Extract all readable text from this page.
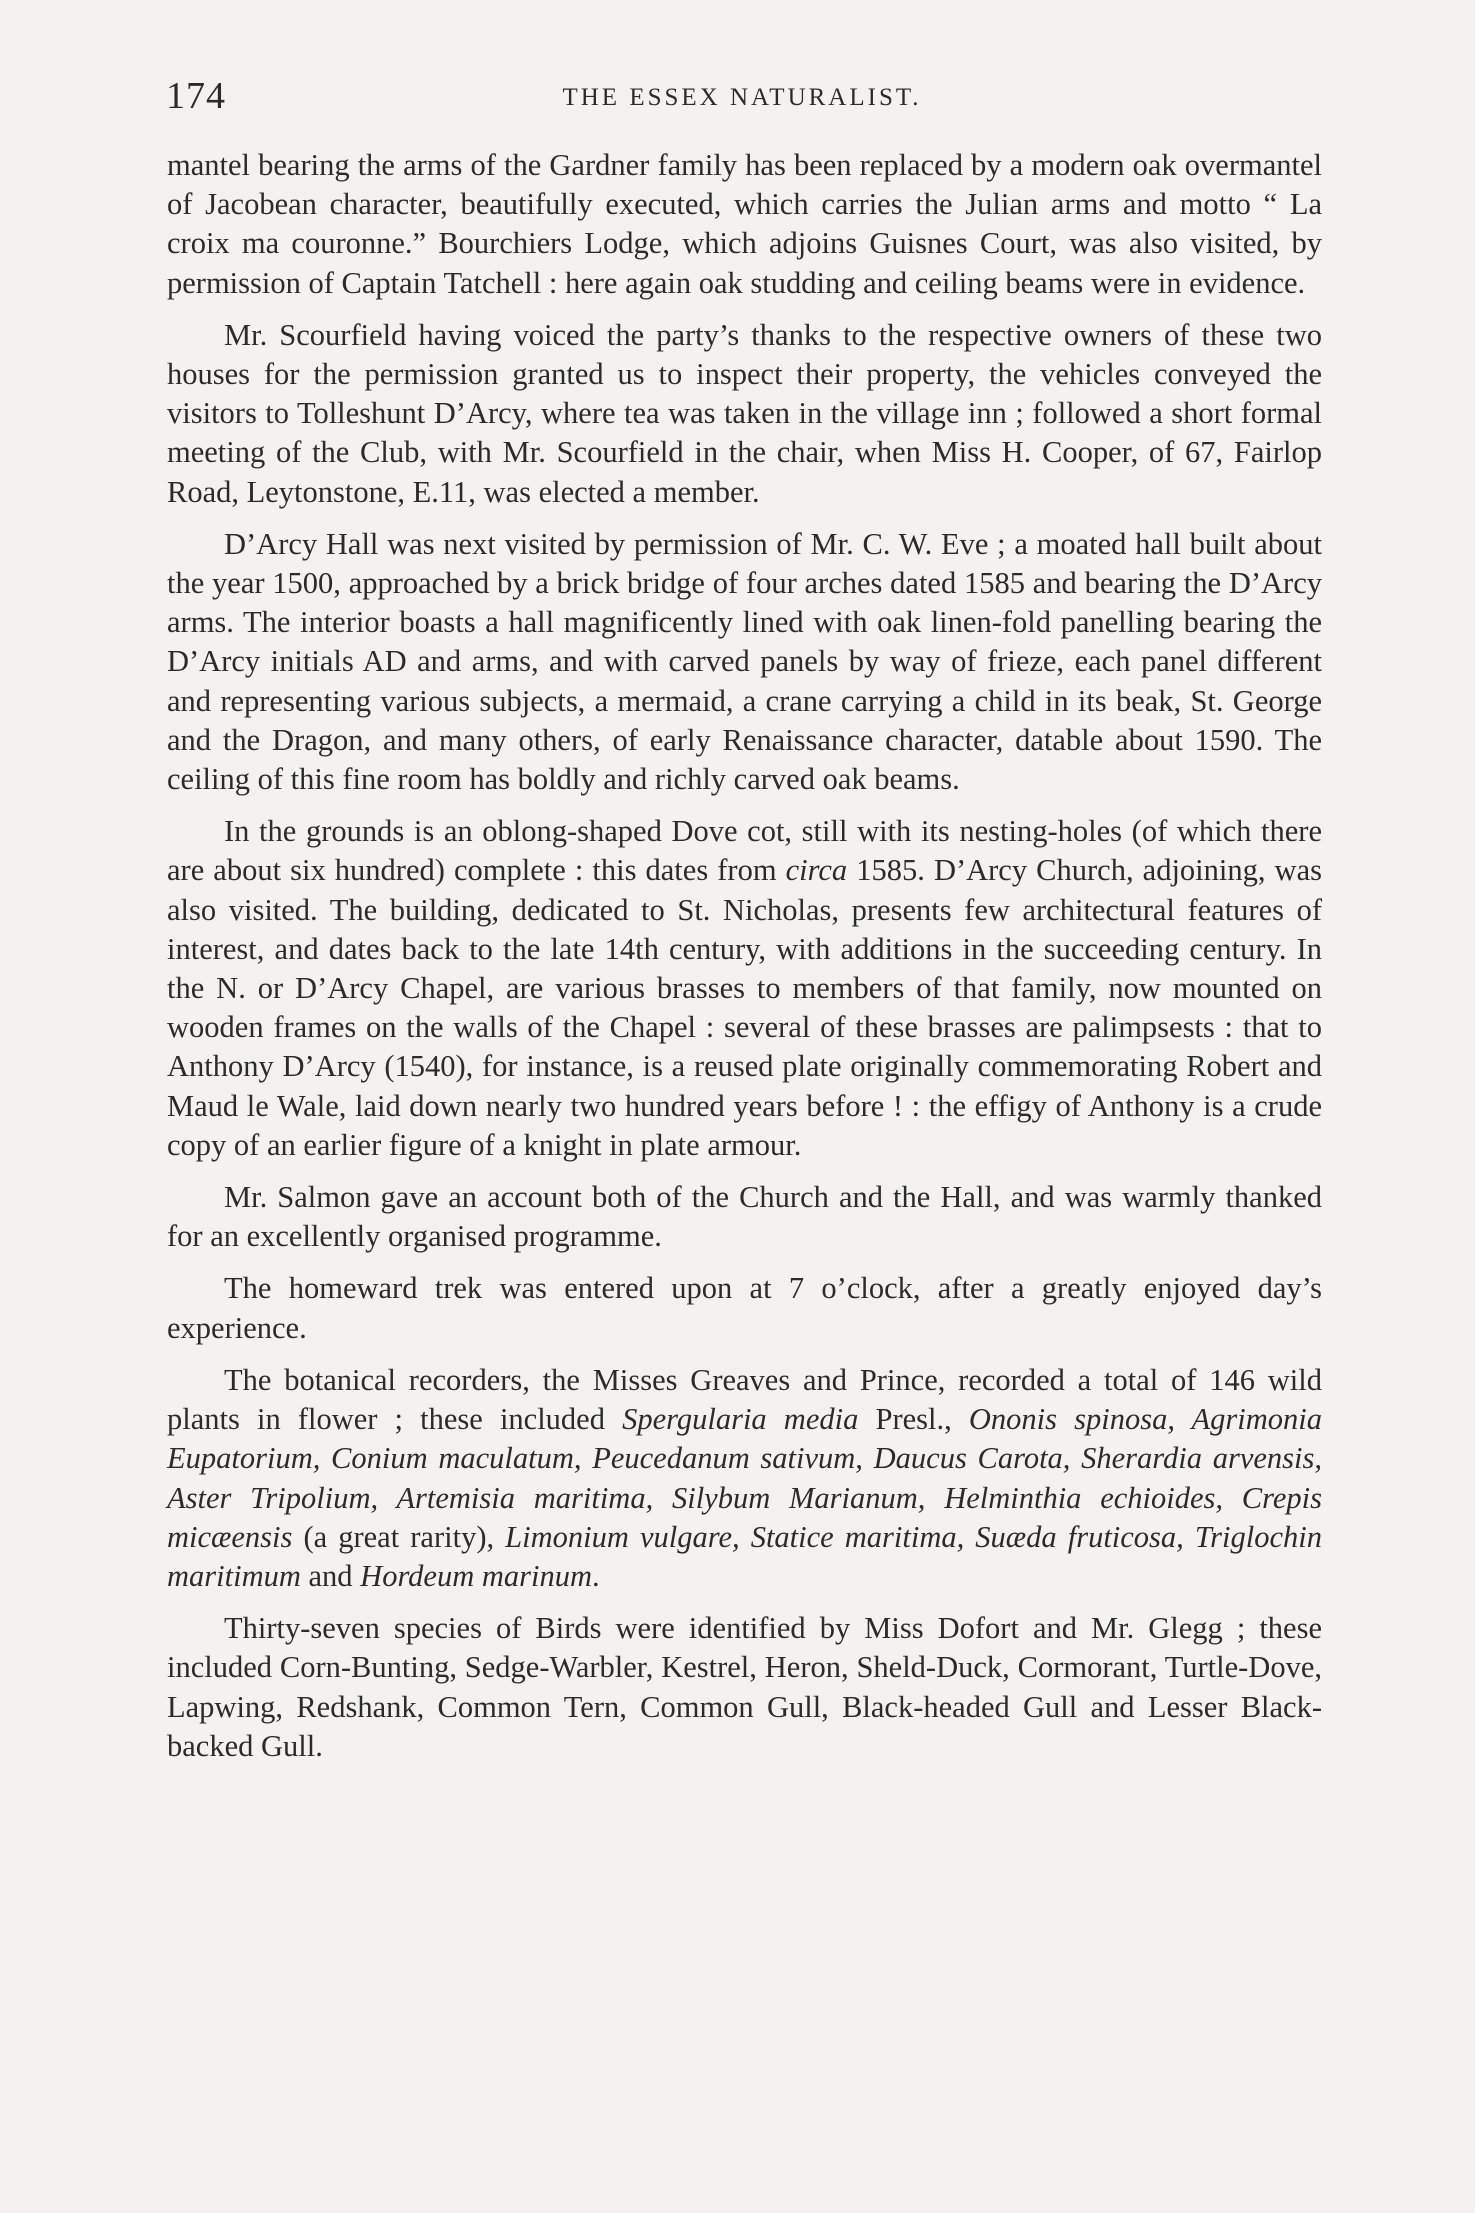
174	THE ESSEX NATURALIST.

mantel bearing the arms of the Gardner family has been replaced by a modern oak overmantel of Jacobean character, beautifully executed, which carries the Julian arms and motto “ La croix ma couronne.” Bourchiers Lodge, which adjoins Guisnes Court, was also visited, by permission of Captain Tatchell : here again oak studding and ceiling beams were in evidence.

Mr. Scourfield having voiced the party’s thanks to the respective owners of these two houses for the permission granted us to inspect their property, the vehicles conveyed the visitors to Tolleshunt D’Arcy, where tea was taken in the village inn ; followed a short formal meeting of the Club, with Mr. Scourfield in the chair, when Miss H. Cooper, of 67, Fairlop Road, Leytonstone, E.11, was elected a member.

D’Arcy Hall was next visited by permission of Mr. C. W. Eve ; a moated hall built about the year 1500, approached by a brick bridge of four arches dated 1585 and bearing the D’Arcy arms. The interior boasts a hall magnificently lined with oak linen-fold panelling bearing the D’Arcy initials AD and arms, and with carved panels by way of frieze, each panel different and representing various subjects, a mermaid, a crane carrying a child in its beak, St. George and the Dragon, and many others, of early Renaissance character, datable about 1590. The ceiling of this fine room has boldly and richly carved oak beams.

In the grounds is an oblong-shaped Dove cot, still with its nesting-holes (of which there are about six hundred) complete : this dates from circa 1585. D’Arcy Church, adjoining, was also visited. The building, dedicated to St. Nicholas, presents few architectural features of interest, and dates back to the late 14th century, with additions in the succeeding century. In the N. or D’Arcy Chapel, are various brasses to members of that family, now mounted on wooden frames on the walls of the Chapel : several of these brasses are palimpsests : that to Anthony D’Arcy (1540), for instance, is a reused plate originally commemorating Robert and Maud le Wale, laid down nearly two hundred years before ! : the effigy of Anthony is a crude copy of an earlier figure of a knight in plate armour.

Mr. Salmon gave an account both of the Church and the Hall, and was warmly thanked for an excellently organised programme.

The homeward trek was entered upon at 7 o’clock, after a greatly enjoyed day’s experience.

The botanical recorders, the Misses Greaves and Prince, recorded a total of 146 wild plants in flower ; these included Spergularia media Presl., Ononis spinosa, Agrimonia Eupatorium, Conium maculatum, Peucedanum sativum, Daucus Carota, Sherardia arvensis, Aster Tripolium, Artemisia maritima, Silybum Marianum, Helminthia echioides, Crepis micæensis (a great rarity), Limonium vulgare, Statice maritima, Suæda fruticosa, Triglochin maritimum and Hordeum marinum.

Thirty-seven species of Birds were identified by Miss Dofort and Mr. Glegg ; these included Corn-Bunting, Sedge-Warbler, Kestrel, Heron, Sheld-Duck, Cormorant, Turtle-Dove, Lapwing, Redshank, Common Tern, Common Gull, Black-headed Gull and Lesser Black-backed Gull.
